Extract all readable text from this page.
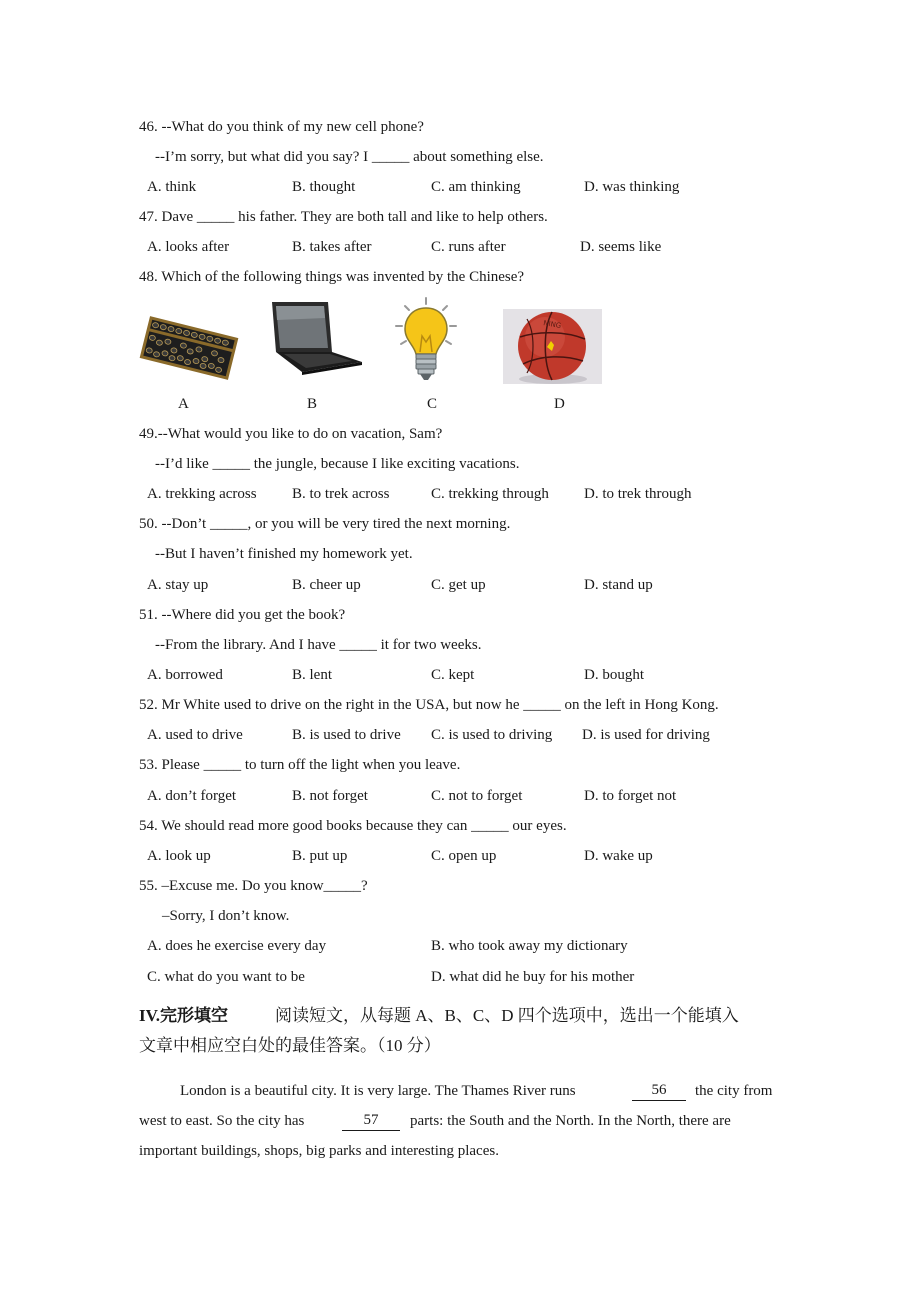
46. --What do you think of my new cell phone?
--I’m sorry, but what did you say? I _____ about something else.
A. think	B. thought	C. am thinking	D. was thinking
47. Dave _____ his father. They are both tall and like to help others.
A. looks after	B. takes after	C. runs after	D. seems like
48. Which of the following things was invented by the Chinese?
NING
A	B	C	D
49.--What would you like to do on vacation, Sam?
--I’d like _____ the jungle, because I like exciting vacations.
A. trekking across B. to trek across	C. trekking through D. to trek through
50. --Don’t _____, or you will be very tired the next morning.
--But I haven’t finished my homework yet.
A. stay up	B. cheer up	C. get up	D. stand up
51. --Where did you get the book?
--From the library. And I have _____ it for two weeks.
A. borrowed	B. lent	C. kept	D. bought
52. Mr White used to drive on the right in the USA, but now he _____ on the left in Hong Kong.
A. used to drive	B. is used to drive C. is used to driving D. is used for driving
53. Please _____ to turn off the light when you leave.
A. don’t forget	B. not forget	C. not to forget	D. to forget not
54. We should read more good books because they can _____ our eyes.
A. look up	B. put up	C. open up	D. wake up
55. –Excuse me. Do you know_____?
–Sorry, I don’t know.
A. does he exercise every day	B. who took away my dictionary
C. what do you want to be	D. what did he buy for his mother
IV.完形填空	阅读短文，从每题 A、B、C、D 四个选项中，选出一个能填入
文章中相应空白处的最佳答案。（10 分）
London is a beautiful city. It is very large. The Thames River runs	56	the city from
west to east. So the city has	57	parts: the South and the North. In the North, there are
important buildings, shops, big parks and interesting places.
